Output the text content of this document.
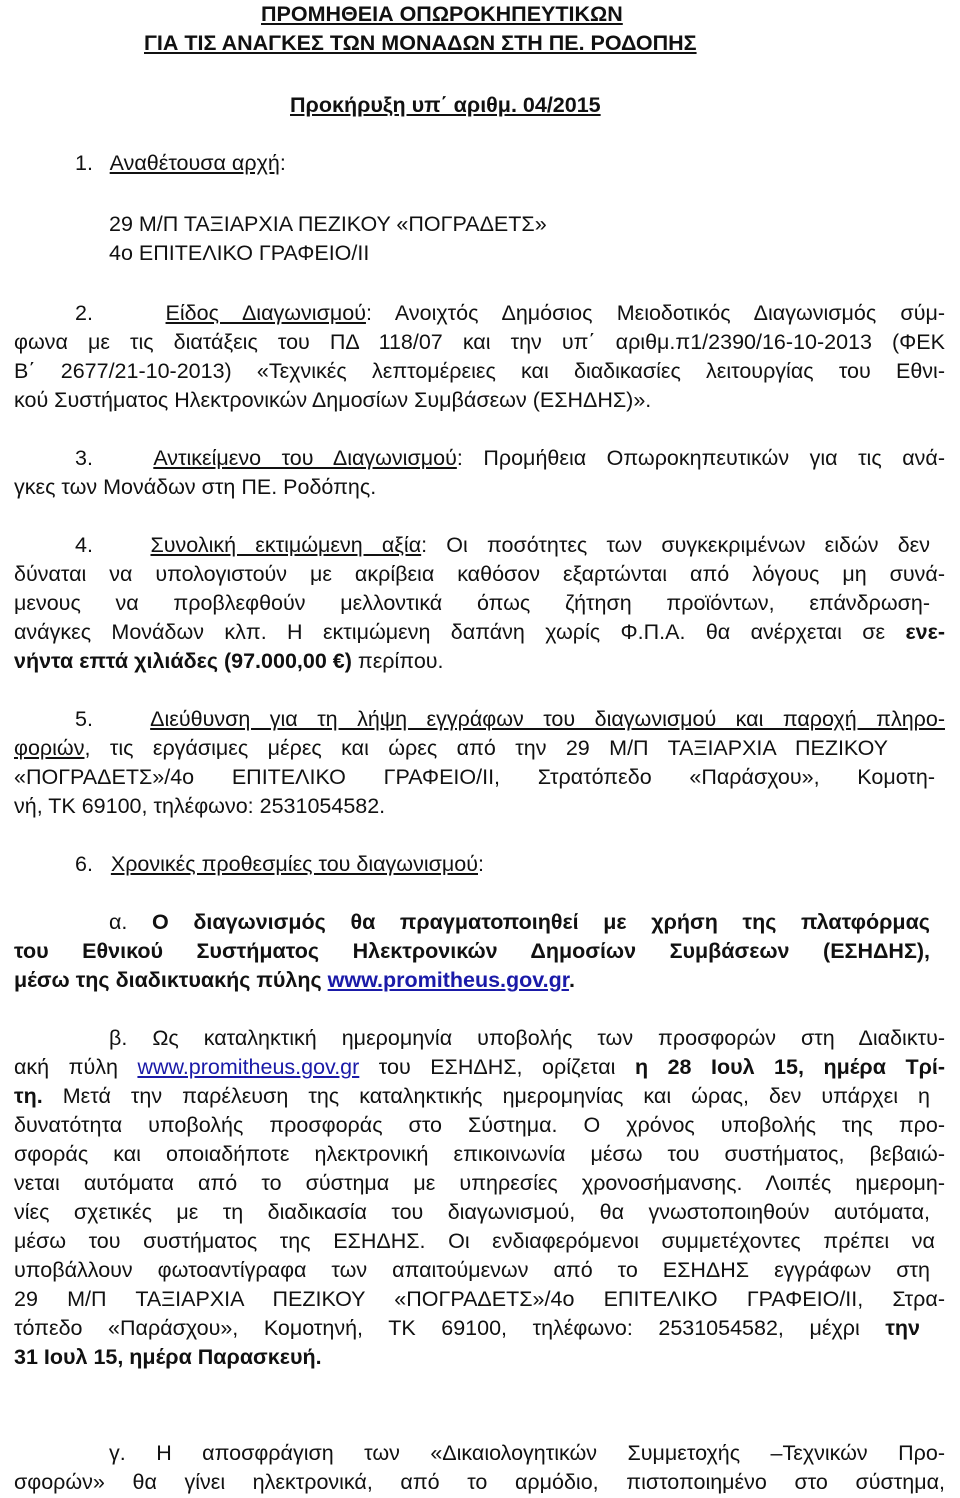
ΠΡΟΜΗΘΕΙΑ ΟΠΩΡΟΚΗΠΕΥΤΙΚΩΝ
ΓΙΑ ΤΙΣ ΑΝΑΓΚΕΣ ΤΩΝ ΜΟΝΑΔΩΝ ΣΤΗ ΠΕ. ΡΟΔΟΠΗΣ
Προκήρυξη υπ΄ αριθμ. 04/2015
1. Αναθέτουσα αρχή:
29 Μ/Π ΤΑΞΙΑΡΧΙΑ ΠΕΖΙΚΟΥ «ΠΟΓΡΑΔΕΤΣ»
4ο ΕΠΙΤΕΛΙΚΟ ΓΡΑΦΕΙΟ/ΙΙ
2.	Είδος Διαγωνισμού: Ανοιχτός Δημόσιος Μειοδοτικός Διαγωνισμός σύμ-
φωνα με τις διατάξεις του ΠΔ 118/07 και την υπ΄ αριθμ.π1/2390/16-10-2013 (ΦΕΚ
Β΄ 2677/21-10-2013) «Τεχνικές λεπτομέρειες και διαδικασίες λειτουργίας του Εθνι-
κού Συστήματος Ηλεκτρονικών Δημοσίων Συμβάσεων (ΕΣΗΔΗΣ)».
3.	Αντικείμενο του Διαγωνισμού: Προμήθεια Οπωροκηπευτικών για τις ανά-
γκες των Μονάδων στη ΠΕ. Ροδόπης.
4.	Συνολική εκτιμώμενη αξία: Οι ποσότητες των συγκεκριμένων ειδών δεν
δύναται να υπολογιστούν με ακρίβεια καθόσον εξαρτώνται από λόγους μη συνά-
μενους να προβλεφθούν μελλοντικά όπως ζήτηση προϊόντων, επάνδρωση-
ανάγκες Μονάδων κλπ. Η εκτιμώμενη δαπάνη χωρίς Φ.Π.Α. θα ανέρχεται σε ενε-
νήντα επτά χιλιάδες (97.000,00 €) περίπου.
5.	Διεύθυνση για τη λήψη εγγράφων του διαγωνισμού και παροχή πληρο-
φοριών, τις εργάσιμες μέρες και ώρες από την 29 Μ/Π ΤΑΞΙΑΡΧΙΑ ΠΕΖΙΚΟΥ
«ΠΟΓΡΑΔΕΤΣ»/4ο ΕΠΙΤΕΛΙΚΟ ΓΡΑΦΕΙΟ/ΙΙ, Στρατόπεδο «Παράσχου», Κομοτη-
νή, ΤΚ 69100, τηλέφωνο: 2531054582.
6. Χρονικές προθεσμίες του διαγωνισμού:
α. Ο διαγωνισμός θα πραγματοποιηθεί με χρήση της πλατφόρμας
του Εθνικού Συστήματος Ηλεκτρονικών Δημοσίων Συμβάσεων (ΕΣΗΔΗΣ),
μέσω της διαδικτυακής πύλης www.promitheus.gov.gr.
β. Ως καταληκτική ημερομηνία υποβολής των προσφορών στη Διαδικτυ-
ακή πύλη www.promitheus.gov.gr του ΕΣΗΔΗΣ, ορίζεται η 28 Ιουλ 15, ημέρα Τρί-
τη. Μετά την παρέλευση της καταληκτικής ημερομηνίας και ώρας, δεν υπάρχει η
δυνατότητα υποβολής προσφοράς στο Σύστημα. Ο χρόνος υποβολής της προ-
σφοράς και οποιαδήποτε ηλεκτρονική επικοινωνία μέσω του συστήματος, βεβαιώ-
νεται αυτόματα από το σύστημα με υπηρεσίες χρονοσήμανσης. Λοιπές ημερομη-
νίες σχετικές με τη διαδικασία του διαγωνισμού, θα γνωστοποιηθούν αυτόματα,
μέσω του συστήματος της ΕΣΗΔΗΣ. Οι ενδιαφερόμενοι συμμετέχοντες πρέπει να
υποβάλλουν φωτοαντίγραφα των απαιτούμενων από το ΕΣΗΔΗΣ εγγράφων στη
29 Μ/Π ΤΑΞΙΑΡΧΙΑ ΠΕΖΙΚΟΥ «ΠΟΓΡΑΔΕΤΣ»/4ο ΕΠΙΤΕΛΙΚΟ ΓΡΑΦΕΙΟ/ΙΙ, Στρα-
τόπεδο «Παράσχου», Κομοτηνή, ΤΚ 69100, τηλέφωνο: 2531054582, μέχρι την
31 Ιουλ 15, ημέρα Παρασκευή.
γ. Η αποσφράγιση των «Δικαιολογητικών Συμμετοχής –Τεχνικών Προ-
σφορών» θα γίνει ηλεκτρονικά, από το αρμόδιο, πιστοποιημένο στο σύστημα,
